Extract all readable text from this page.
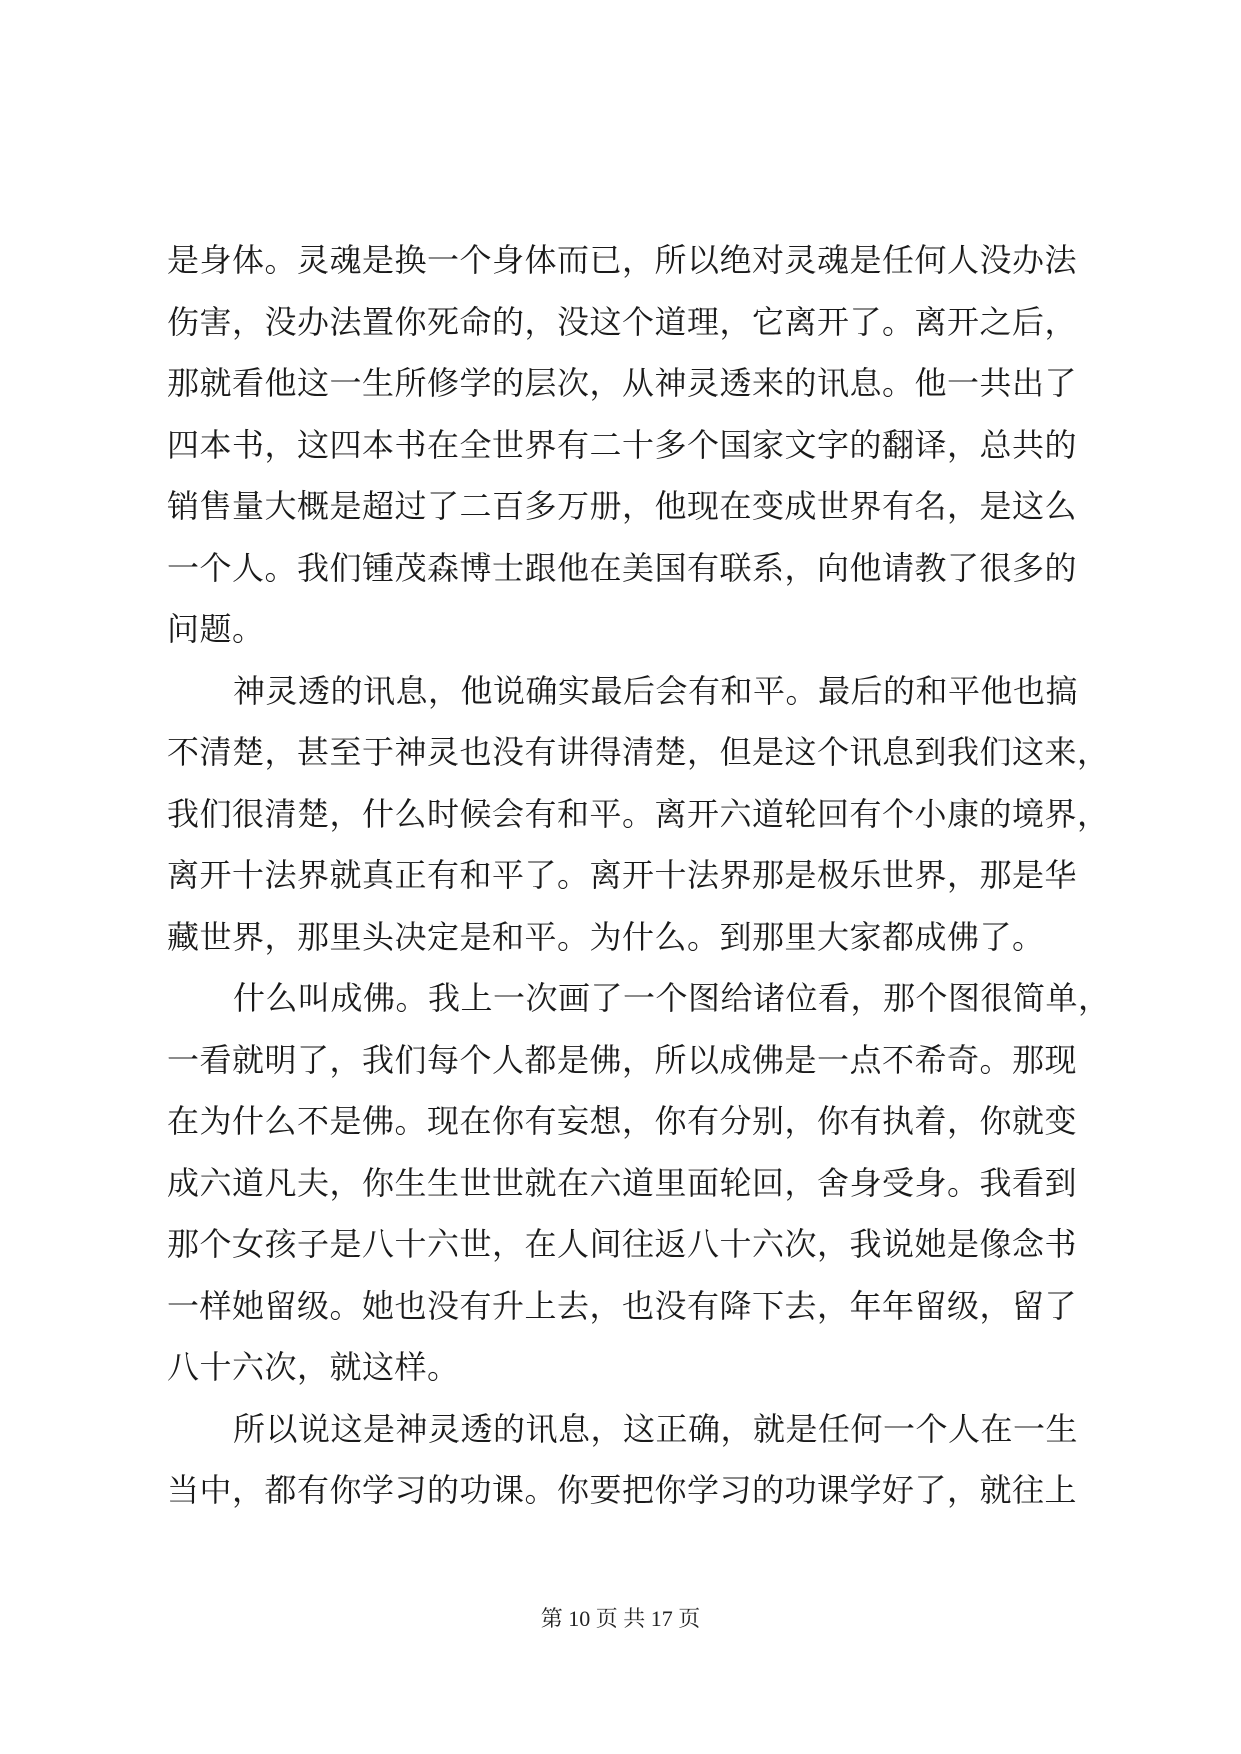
是身体。灵魂是换一个身体而已，所以绝对灵魂是任何人没办法
伤害，没办法置你死命的，没这个道理，它离开了。离开之后，
那就看他这一生所修学的层次，从神灵透来的讯息。他一共出了
四本书，这四本书在全世界有二十多个国家文字的翻译，总共的
销售量大概是超过了二百多万册，他现在变成世界有名，是这么
一个人。我们锺茂森博士跟他在美国有联系，向他请教了很多的
问题。
神灵透的讯息，他说确实最后会有和平。最后的和平他也搞
不清楚，甚至于神灵也没有讲得清楚，但是这个讯息到我们这来，
我们很清楚，什么时候会有和平。离开六道轮回有个小康的境界，
离开十法界就真正有和平了。离开十法界那是极乐世界，那是华
藏世界，那里头决定是和平。为什么。到那里大家都成佛了。
什么叫成佛。我上一次画了一个图给诸位看，那个图很简单，
一看就明了，我们每个人都是佛，所以成佛是一点不希奇。那现
在为什么不是佛。现在你有妄想，你有分别，你有执着，你就变
成六道凡夫，你生生世世就在六道里面轮回，舍身受身。我看到
那个女孩子是八十六世，在人间往返八十六次，我说她是像念书
一样她留级。她也没有升上去，也没有降下去，年年留级，留了
八十六次，就这样。
所以说这是神灵透的讯息，这正确，就是任何一个人在一生
当中，都有你学习的功课。你要把你学习的功课学好了，就往上
第 10 页 共 17 页
